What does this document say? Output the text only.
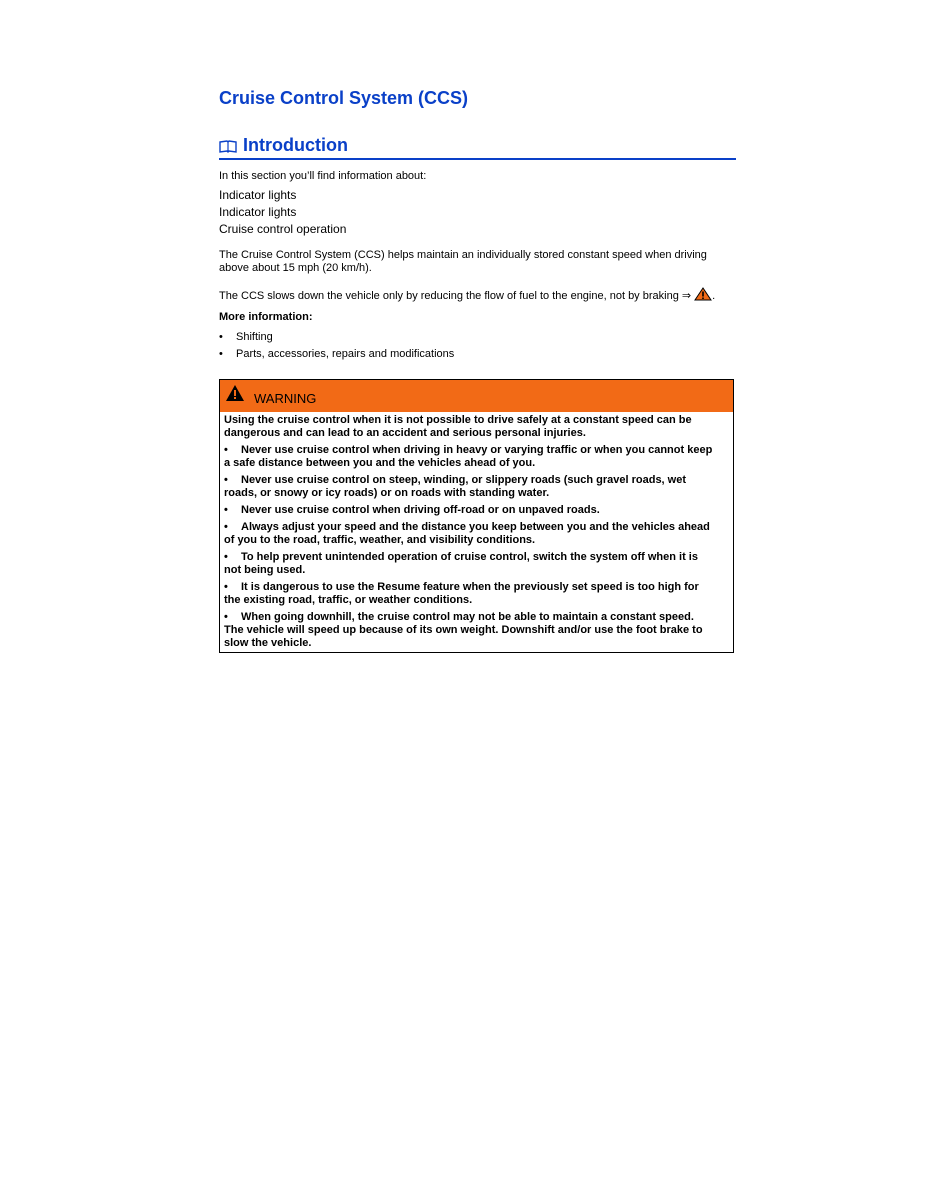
Cruise Control System (CCS)
Introduction
In this section you’ll find information about:
Indicator lights
Indicator lights
Cruise control operation
The Cruise Control System (CCS) helps maintain an individually stored constant speed when driving above about 15 mph (20 km/h).
The CCS slows down the vehicle only by reducing the flow of fuel to the engine, not by braking ⇒ .
More information:
•	Shifting
•	Parts, accessories, repairs and modifications
WARNING
Using the cruise control when it is not possible to drive safely at a constant speed can be
dangerous and can lead to an accident and serious personal injuries.
• Never use cruise control when driving in heavy or varying traffic or when you cannot keep
a safe distance between you and the vehicles ahead of you.
• Never use cruise control on steep, winding, or slippery roads (such gravel roads, wet
roads, or snowy or icy roads) or on roads with standing water.
• Never use cruise control when driving off-road or on unpaved roads.
• Always adjust your speed and the distance you keep between you and the vehicles ahead
of you to the road, traffic, weather, and visibility conditions.
• To help prevent unintended operation of cruise control, switch the system off when it is
not being used.
• It is dangerous to use the Resume feature when the previously set speed is too high for
the existing road, traffic, or weather conditions.
• When going downhill, the cruise control may not be able to maintain a constant speed.
The vehicle will speed up because of its own weight. Downshift and/or use the foot brake to
slow the vehicle.
